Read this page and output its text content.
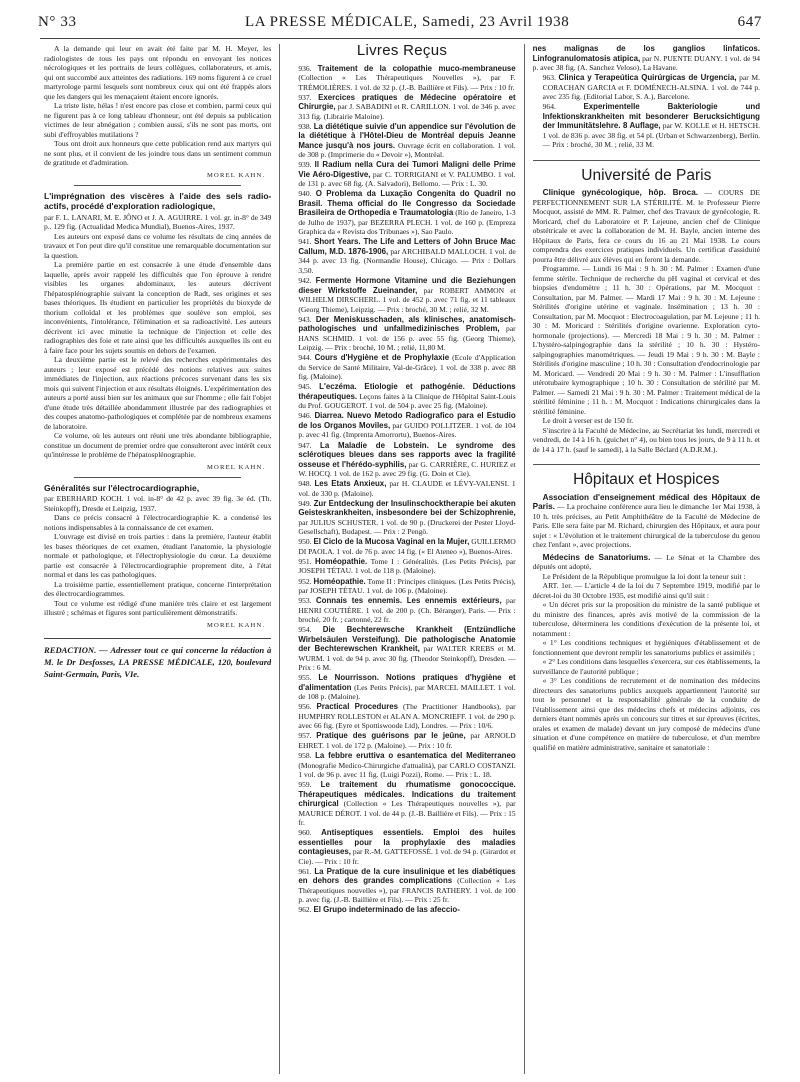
N° 33	LA PRESSE MÉDICALE, Samedi, 23 Avril 1938	647

A la demande qui leur en avait été faite par M. H. Meyer, les radiologistes de tous les pays ont répondu en envoyant les notices nécrologiques et les portraits de leurs collègues, collaborateurs, et amis, qui ont succombé aux atteintes des radiations. 169 noms figurent à ce cruel martyrologe parmi lesquels sont nombreux ceux qui ont été frappés alors que les dangers qui les menaçaient étaient encore ignorés.

La triste liste, hélas ! n'est encore pas close et combien, parmi ceux qui ne figurent pas à ce long tableau d'honneur, ont été depuis sa publication victimes de leur abnégation ; combien aussi, s'ils ne sont pas morts, ont subi d'effroyables mutilations ?

Tous ont droit aux honneurs que cette publication rend aux martyrs qui ne sont plus, et il convient de les joindre tous dans un sentiment commun de gratitude et d'admiration.

MOREL KAHN.

L'imprégnation des viscères à l'aide des sels radio-actifs, procédé d'exploration radiologique,

par F. L. LANARI, M. E. JÔNO et J. A. AGUIRRE. 1 vol. gr. in-8° de 349 p.. 129 fig. (Actualidad Medica Mundial), Buenos-Aires, 1937.

Les auteurs ont exposé dans ce volume les résultats de cinq années de travaux et l'on peut dire qu'il constitue une remarquable documentation sur la question.

La première partie en est consacrée à une étude d'ensemble dans laquelle, après avoir rappelé les difficultés que l'on éprouve à rendre visibles les organes abdominaux, les auteurs décrivent l'hépatosplénographie suivant la conception de Radt, ses origines et ses bases théoriques. Ils étudient en particulier les propriétés du bioxyde de thorium colloïdal et les problèmes que soulève son emploi, ses inconvénients, l'intolérance, l'élimination et sa radioactivité. Les auteurs décrivent ici avec minutie la technique de l'injection et celle des radiographies des foie et rate ainsi que les difficultés auxquelles ils ont eu à faire face pour les sujets soumis en dehors de l'examen.

La deuxième partie est le relevé des recherches expérimentales des auteurs ; leur exposé est précédé des notions relatives aux suites immédiates de l'injection, aux réactions précoces survenant dans les six mois qui suivent l'injection et aux résultats éloignés. L'expérimentation des auteurs a porté aussi bien sur les animaux que sur l'homme ; elle fait l'objet d'une étude très détaillée abondamment illustrée par des radiographies et des coupes anatomo-pathologiques et complétée par de nombreux examens de laboratoire.

Ce volume, où les auteurs ont réuni une très abondante bibliographie, constitue un document de premier ordre que consulteront avec intérêt ceux qu'intéresse le problème de l'hépatosplénographie.

MOREL KAHN.

Généralités sur l'électrocardiographie,

par EBERHARD KOCH. 1 vol. in-8° de 42 p. avec 39 fig. 3e éd. (Th. Steinkopff), Dresde et Leipzig, 1937.

Dans ce précis consacré à l'électrocardiographie K. a condensé les notions indispensables à la connaissance de cet examen.

L'ouvrage est divisé en trois parties : dans la première, l'auteur établit les bases théoriques de cet examen, étudiant l'anatomie, la physiologie normale et pathologique, et l'électrophysiologie du cœur. La deuxième partie est consacrée à l'électrocardiographie proprement dite, à l'état normal et dans les cas pathologiques.

La troisième partie, essentiellement pratique, concerne l'interprétation des électrocardiogrammes.

Tout ce volume est rédigé d'une manière très claire et est largement illustré ; schémas et figures sont particulièrement démonstratifs.

MOREL KAHN.

REDACTION. — Adresser tout ce qui concerne la rédaction à M. le Dr Desfosses, LA PRESSE MÉDICALE, 120, boulevard Saint-Germain, Paris, VIe.

Livres Reçus

936. Traitement de la colopathie muco-membraneuse (Collection « Les Thérapeutiques Nouvelles »), par F. TRÉMOLIÈRES. 1 vol. de 32 p. (J.-B. Baillière et Fils). — Prix : 10 fr.

937. Exercices pratiques de Médecine opératoire et Chirurgie, par J. SABADINI et R. CARILLON. 1 vol. de 346 p. avec 313 fig. (Librairie Maloine).

938. La diététique suivie d'un appendice sur l'évolution de la diététique à l'Hôtel-Dieu de Montréal depuis Jeanne Mance jusqu'à nos jours. Ouvrage écrit en collaboration. 1 vol. de 308 p. (Imprimerie du « Devoir »), Montréal.

939. Il Radium nella Cura dei Tumori Maligni delle Prime Vie Aéro-Digestive, par C. TORRIGIANI et V. PALUMBO. 1 vol. de 131 p. avec 68 fig. (A. Salvadori), Bellomo. — Prix : L. 30.

940. O Problema da Luxação Congenita do Quadril no Brasil. Thema official do IIe Congresso da Sociedade Brasileira de Orthopedia e Traumatologia (Rio de Janeiro, 1-3 de Julho de 1937), par BEZERRA PLECH. 1 vol. de 160 p. (Empreza Graphica da « Revista dos Tribunaes »), Sao Paulo.

941. Short Years. The Life and Letters of John Bruce Mac Callum, M.D. 1876-1906, par ARCHIBALD MALLOCH. 1 vol. de 344 p. avec 13 fig. (Normandie House), Chicago. — Prix : Dollars 3,50.

942. Fermente Hormone Vitamine und die Beziehungen dieser Wirkstoffe Zueinander, par ROBERT AMMON et WILHELM DIRSCHERL. 1 vol. de 452 p. avec 71 fig. et 11 tableaux (Georg Thieme), Leipzig. — Prix : broché, 30 M. ; relié, 32 M.

943. Der Meniskusschaden, als klinisches, anatomisch-pathologisches und unfallmedizinisches Problem, par HANS SCHMID. 1 vol. de 156 p. avec 55 fig. (Georg Thieme), Leipzig. — Prix : broché, 10 M. ; relié, 11,80 M.

944. Cours d'Hygiène et de Prophylaxie (Ecole d'Application du Service de Santé Militaire, Val-de-Grâce). 1 vol. de 338 p. avec 88 fig. (Maloine).

945. L'eczéma. Etiologie et pathogénie. Déductions thérapeutiques. Leçons faites à la Clinique de l'Hôpital Saint-Louis du Prof. GOUGEROT. 1 vol. de 504 p. avec 25 fig. (Maloine).

946. Diarrea. Nuevo Metodo Radiografico para el Estudio de los Organos Moviles, par GUIDO POLLITZER. 1 vol. de 104 p. avec 41 fig. (Imprenta Amorrortu), Buenos-Aires.

947. La Maladie de Lobstein. Le syndrome des sclérotiques bleues dans ses rapports avec la fragilité osseuse et l'hérédo-syphilis, par G. CARRIÈRE, C. HURIEZ et W. HOCQ. 1 vol. de 162 p. avec 29 fig. (G. Doin et Cie).

948. Les Etats Anxieux, par H. CLAUDE et LÉVY-VALENSI. 1 vol. de 330 p. (Maloine).

949. Zur Entdeckung der Insulinschocktherapie bei akuten Geisteskrankheiten, insbesondere bei der Schizophrenie, par JULIUS SCHUSTER. 1 vol. de 90 p. (Druckerei der Pester Lloyd-Gesellschaft), Budapest. — Prix : 2 Pengö.

950. El Ciclo de la Mucosa Vaginal en la Mujer, GUILLERMO DI PAOLA. 1 vol. de 76 p. avec 14 fig. (« El Ateneo »), Buenos-Aires.

951. Homéopathie. Tome I : Généralités. (Les Petits Précis), par JOSEPH TÉTAU. 1 vol. de 118 p. (Maloine).

952. Homéopathie. Tome II : Principes cliniques. (Les Petits Précis), par JOSEPH TÉTAU. 1 vol. de 106 p. (Maloine).

953. Connais tes ennemis. Les ennemis extérieurs, par HENRI COUTIÈRE. 1 vol. de 200 p. (Ch. Béranger), Paris. — Prix : broché, 20 fr. ; cartonné, 22 fr.

954. Die Bechterewsche Krankheit (Entzündliche Wirbelsäulen Versteifung). Die pathologische Anatomie der Bechterewschen Krankheit, par WALTER KREBS et M. WURM. 1 vol. de 94 p. avec 30 fig. (Theodor Steinkopff), Dresden. — Prix : 6 M.

955. Le Nourrisson. Notions pratiques d'hygiène et d'alimentation (Les Petits Précis), par MARCEL MAILLET. 1 vol. de 108 p. (Maloine).

956. Practical Procedures (The Practitioner Handbooks), par HUMPHRY ROLLESTON et ALAN A. MONCRIEFF. 1 vol. de 290 p. avec 66 fig. (Eyre et Spottiswoode Ltd), Londres. — Prix : 10/6.

957. Pratique des guérisons par le jeûne, par ARNOLD EHRET. 1 vol. de 172 p. (Maloine). — Prix : 10 fr.

958. La febbre eruttiva o esantematica del Mediterraneo (Monografie Medico-Chirurgiche d'attualità), par CARLO COSTANZI. 1 vol. de 96 p. avec 11 fig. (Luigi Pozzi), Rome. — Prix : L. 18.

959. Le traitement du rhumatisme gonococcique. Thérapeutiques médicales. Indications du traitement chirurgical (Collection « Les Thérapeutiques nouvelles »), par MAURICE DÉROT. 1 vol. de 44 p. (J.-B. Baillière et Fils). — Prix : 15 fr.

960. Antiseptiques essentiels. Emploi des huiles essentielles pour la prophylaxie des maladies contagieuses, par R.-M. GATTEFOSSÉ. 1 vol. de 94 p. (Girardot et Cie). — Prix : 10 fr.

961. La Pratique de la cure insulinique et les diabétiques en dehors des grandes complications (Collection « Les Thérapeutiques nouvelles »), par FRANCIS RATHERY. 1 vol. de 100 p. avec fig. (J.-B. Baillière et Fils). — Prix : 25 fr.

962. El Grupo indeterminado de las afeccio-

nes malignas de los ganglios linfaticos. Linfogranulomatosis atipica, par N. PUENTE DUANY. 1 vol. de 94 p. avec 38 fig. (A. Sanchez Veloso), La Havane.

963. Clinica y Terapeútica Quirúrgicas de Urgencia, par M. CORACHAN GARCIA et F. DOMÉNECH-ALSINA. 1 vol. de 744 p. avec 235 fig. (Editorial Labor, S. A.), Barcelone.

964.	Experimentelle Bakteriologie und Infektionskrankheiten mit besonderer Berucksichtigung der Immunitätslehre. 8 Auflage, par W. KOLLE et H. HETSCH. 1 vol. de 836 p. avec 38 fig. et 54 pl. (Urban et Schwarzenberg), Berlin. — Prix : broché, 30 M. ; relié, 33 M.

Université de Paris

Clinique gynécologique, hôp. Broca. — COURS DE PERFECTIONNEMENT SUR LA STÉRILITÉ. M. le Professeur Pierre Mocquot, assisté de MM. R. Palmer, chef des Travaux de gynécologie, R. Moricard, chef du Laboratoire et P. Lejeune, ancien chef de Clinique obstétricale et avec la collaboration de M. H. Bayle, ancien interne des Hôpitaux de Paris, fera ce cours du 16 au 21 Mai 1938. Le cours comprendra des exercices pratiques individuels. Un certificat d'assiduité pourra être délivré aux élèves qui en feront la demande.

Programme. — Lundi 16 Mai : 9 h. 30 : M. Palmer : Examen d'une femme stérile. Technique de recherche du pH vaginal et cervical et des biopsies d'endomètre ; 11 h. 30 : Opérations, par M. Mocquot : Consultation, par M. Palmer. — Mardi 17 Mai : 9 h. 30 : M. Lejeune : Stérilités d'origine utérine et vaginale. Insémination ; 13 h. 30 : Consultation, par M. Mocquot : Electrocoagulation, par M. Lejeune ; 11 h. 30 : M. Moricard : Stérilités d'origine ovarienne. Exploration cyto-hormonale (projections). — Mercredi 18 Mai : 9 h. 30 : M. Palmer : L'hystéro-salpingographie dans la stérilité ; 10 h. 30 : Hystéro-salpingographies manométriques. — Jeudi 19 Mai : 9 h. 30 : M. Bayle : Stérilités d'origine masculine ; 10 h. 30 : Consultation d'endocrinologie par M. Moricard. — Vendredi 20 Mai : 9 h. 30 : M. Palmer : L'insufflation utérotubaire kymographique ; 10 h. 30 : Consultation de stérilité par M. Palmer. — Samedi 21 Mai : 9 h. 30 : M. Palmer : Traitement médical de la stérilité féminine ; 11 h. : M. Mocquot : Indications chirurgicales dans la stérilité féminine.

Le droit à verser est de 150 fr.

S'inscrire à la Faculté de Médecine, au Secrétariat les lundi, mercredi et vendredi, de 14 à 16 h. (guichet n° 4), ou bien tous les jours, de 9 à 11 h. et de 14 à 17 h. (sauf le samedi), à la Salle Béclard (A.D.R.M.).

Hôpitaux et Hospices

Association d'enseignement médical des Hôpitaux de Paris. — La prochaine conférence aura lieu le dimanche 1er Mai 1938, à 10 h. très précises, au Petit Amphithéâtre de la Faculté de Médecine de Paris. Elle sera faite par M. Richard, chirurgien des Hôpitaux, et aura pour sujet : « L'évolution et le traitement chirurgical de la tuberculose du genou chez l'enfant », avec projections.

Médecins de Sanatoriums. — Le Sénat et la Chambre des députés ont adopté,

Le Président de la République promulgue la loi dont la teneur suit :

ART. 1er. — L'article 4 de la loi du 7 Septembre 1919, modifié par le décret-loi du 30 Octobre 1935, est modifié ainsi qu'il suit :

« Un décret pris sur la proposition du ministre de la santé publique et du ministre des finances, après avis motivé de la commission de la tuberculose, déterminera les conditions d'exécution de la présente loi, et notamment :

« 1° Les conditions techniques et hygiéniques d'établissement et de fonctionnement que devront remplir les sanatoriums publics et assimilés ;

« 2° Les conditions dans lesquelles s'exercera, sur ces établissements, la surveillance de l'autorité publique ;

« 3° Les conditions de recrutement et de nomination des médecins directeurs des sanatoriums publics auxquels appartiennent l'autorité sur tout le personnel et la responsabilité générale de la conduite de l'établissement ainsi que des médecins chefs et médecins adjoints, ces derniers étant nommés après un concours sur titres et sur épreuves (écrites, orales et examen de malade) devant un jury composé de médecins d'une situation et d'une compétence en matière de tuberculose, et d'un membre qualifié en matière administrative, sanitaire et sanatoriale :
